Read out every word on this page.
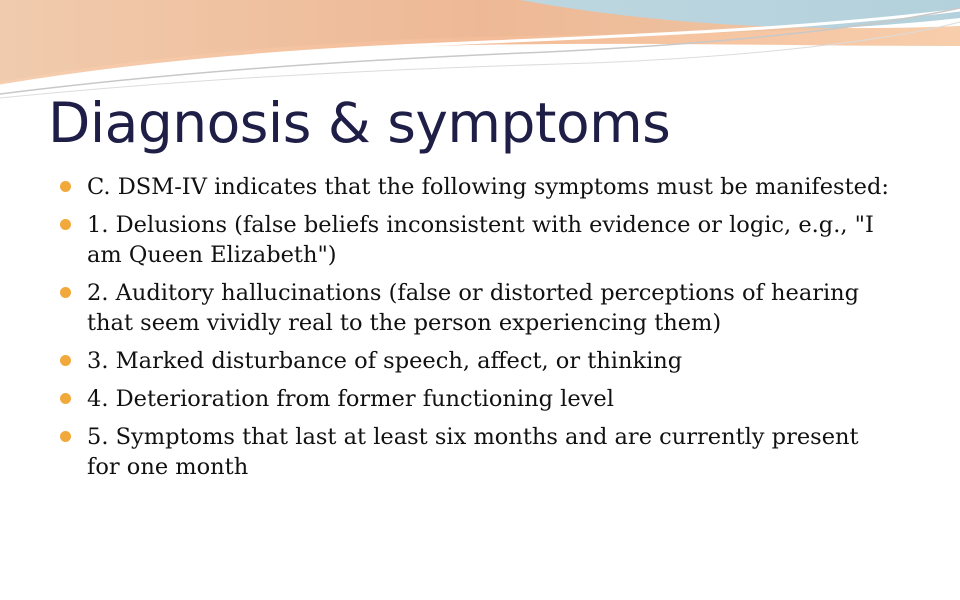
Diagnosis & symptoms
C. DSM-IV indicates that the following symptoms must be manifested:
1. Delusions (false beliefs inconsistent with evidence or logic, e.g., "I am Queen Elizabeth")
2. Auditory hallucinations (false or distorted perceptions of hearing that seem vividly real to the person experiencing them)
3. Marked disturbance of speech, affect, or thinking
4. Deterioration from former functioning level
5. Symptoms that last at least six months and are currently present for one month
